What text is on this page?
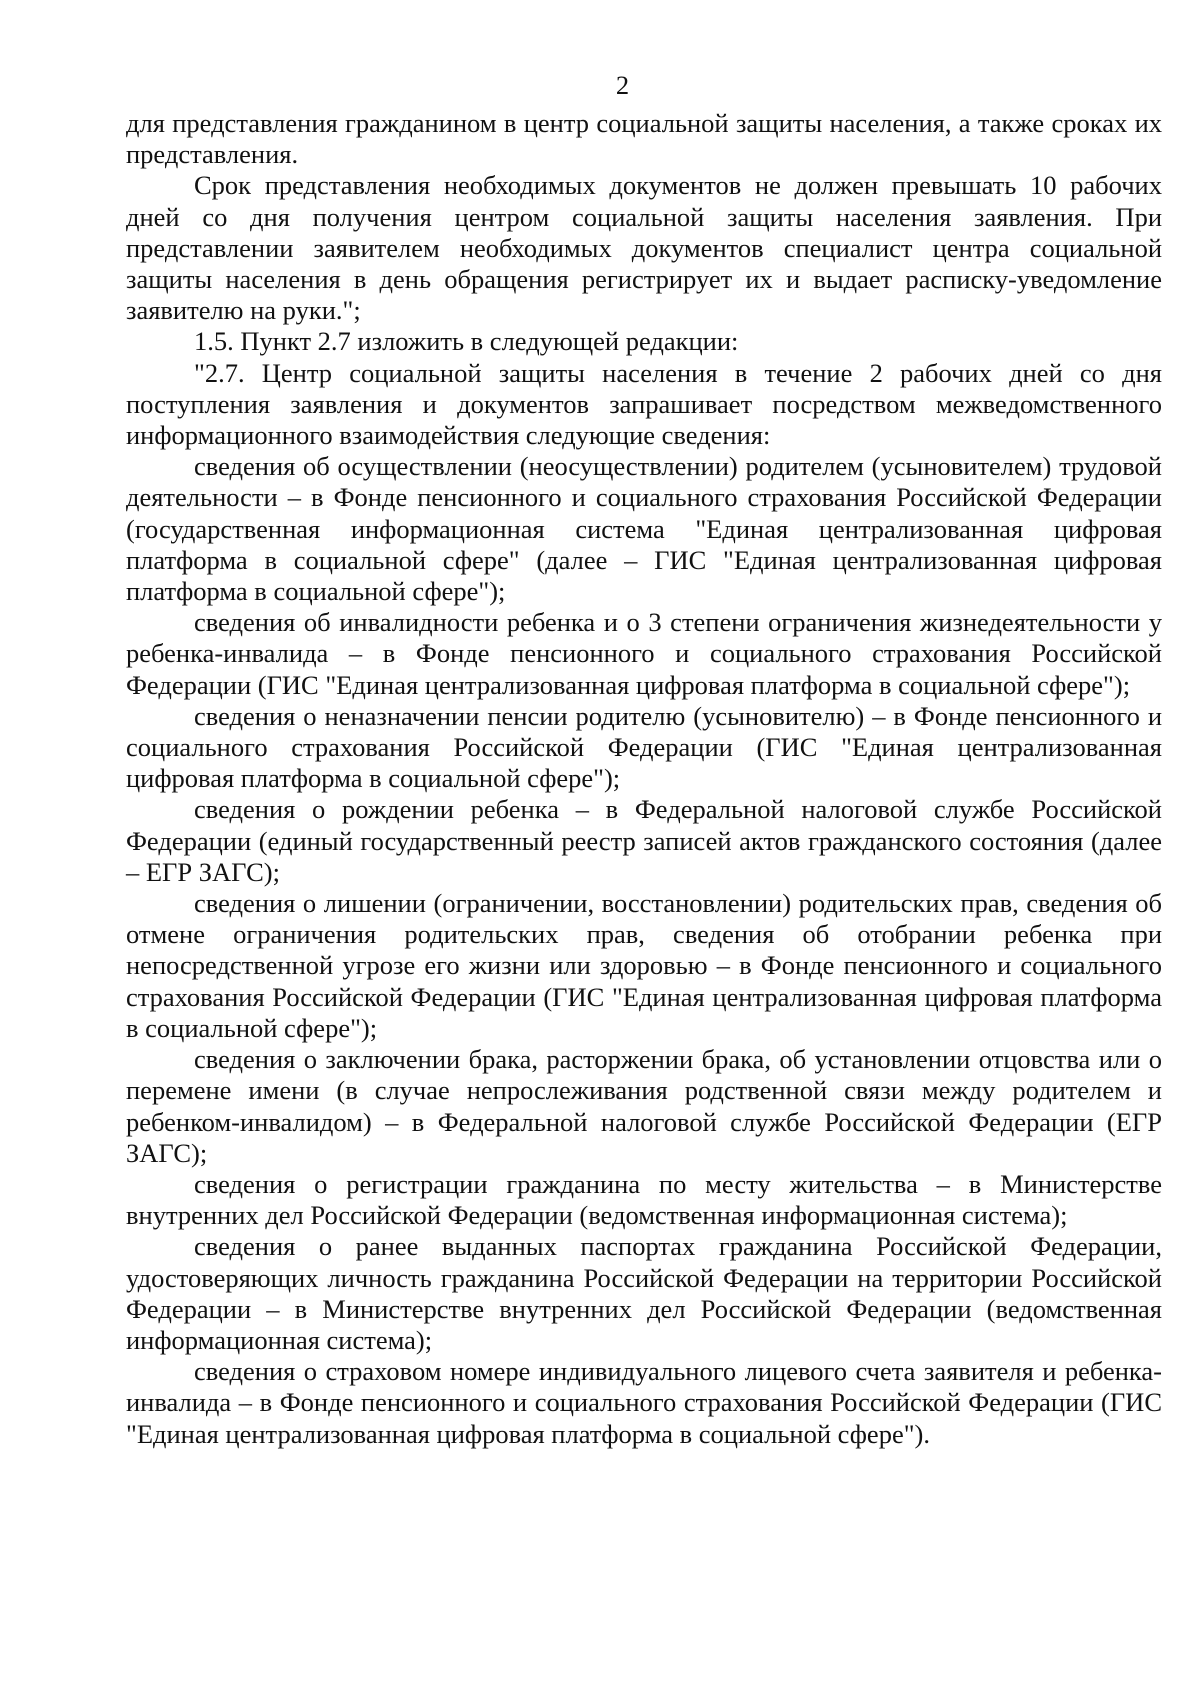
2

для представления гражданином в центр социальной защиты населения, а также сроках их представления.

Срок представления необходимых документов не должен превышать 10 рабочих дней со дня получения центром социальной защиты населения заявления. При представлении заявителем необходимых документов специалист центра социальной защиты населения в день обращения регистрирует их и выдает расписку-уведомление заявителю на руки.";

1.5. Пункт 2.7 изложить в следующей редакции:

"2.7. Центр социальной защиты населения в течение 2 рабочих дней со дня поступления заявления и документов запрашивает посредством межведомственного информационного взаимодействия следующие сведения:

сведения об осуществлении (неосуществлении) родителем (усыновителем) трудовой деятельности – в Фонде пенсионного и социального страхования Российской Федерации (государственная информационная система "Единая централизованная цифровая платформа в социальной сфере" (далее – ГИС "Единая централизованная цифровая платформа в социальной сфере");

сведения об инвалидности ребенка и о 3 степени ограничения жизнедеятельности у ребенка-инвалида – в Фонде пенсионного и социального страхования Российской Федерации (ГИС "Единая централизованная цифровая платформа в социальной сфере");

сведения о неназначении пенсии родителю (усыновителю) – в Фонде пенсионного и социального страхования Российской Федерации (ГИС "Единая централизованная цифровая платформа в социальной сфере");

сведения о рождении ребенка – в Федеральной налоговой службе Российской Федерации (единый государственный реестр записей актов гражданского состояния (далее – ЕГР ЗАГС);

сведения о лишении (ограничении, восстановлении) родительских прав, сведения об отмене ограничения родительских прав, сведения об отобрании ребенка при непосредственной угрозе его жизни или здоровью – в Фонде пенсионного и социального страхования Российской Федерации (ГИС "Единая централизованная цифровая платформа в социальной сфере");

сведения о заключении брака, расторжении брака, об установлении отцовства или о перемене имени (в случае непрослеживания родственной связи между родителем и ребенком-инвалидом) – в Федеральной налоговой службе Российской Федерации (ЕГР ЗАГС);

сведения о регистрации гражданина по месту жительства – в Министерстве внутренних дел Российской Федерации (ведомственная информационная система);

сведения о ранее выданных паспортах гражданина Российской Федерации, удостоверяющих личность гражданина Российской Федерации на территории Российской Федерации – в Министерстве внутренних дел Российской Федерации (ведомственная информационная система);

сведения о страховом номере индивидуального лицевого счета заявителя и ребенка-инвалида – в Фонде пенсионного и социального страхования Российской Федерации (ГИС "Единая централизованная цифровая платформа в социальной сфере").
